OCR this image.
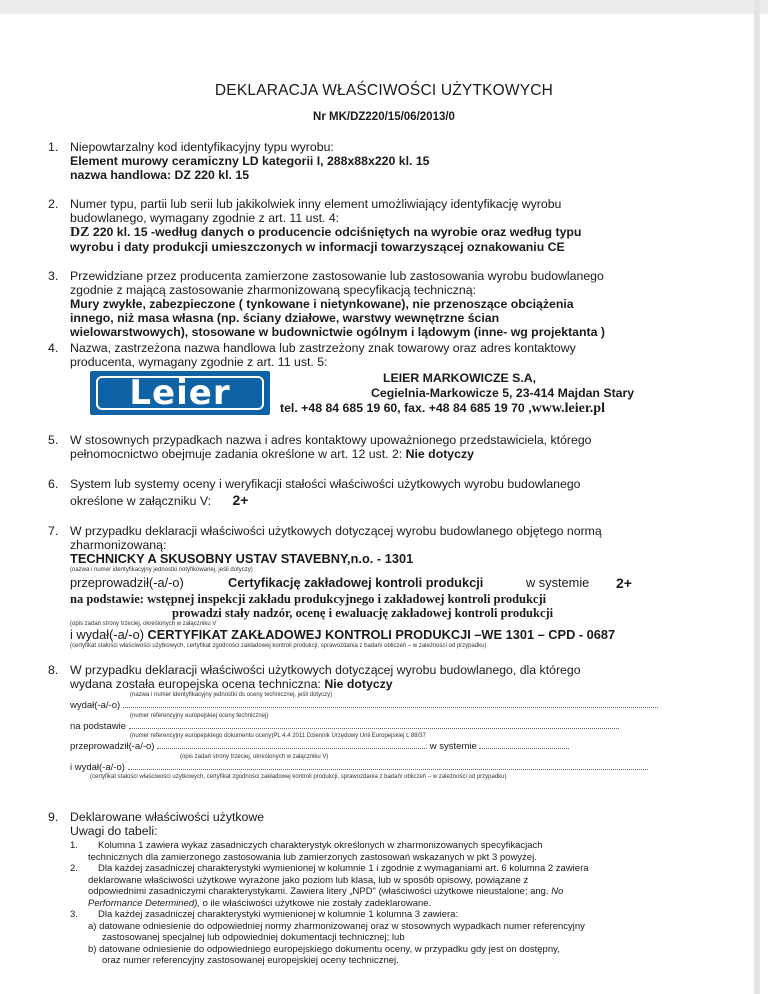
DEKLARACJA WŁAŚCIWOŚCI UŻYTKOWYCH
Nr MK/DZ220/15/06/2013/0
1. Niepowtarzalny kod identyfikacyjny typu wyrobu:
Element murowy ceramiczny LD kategorii I, 288x88x220 kl. 15
nazwa handlowa: DZ 220 kl. 15
2. Numer typu, partii lub serii lub jakikolwiek inny element umożliwiający identyfikację wyrobu
budowlanego, wymagany zgodnie z art. 11 ust. 4:
DZ 220 kl. 15 -według danych o producencie odciśniętych na wyrobie oraz według typu
wyrobu i daty produkcji umieszczonych w informacji towarzyszącej oznakowaniu CE
3. Przewidziane przez producenta zamierzone zastosowanie lub zastosowania wyrobu budowlanego
zgodnie z mającą zastosowanie zharmonizowaną specyfikacją techniczną:
Mury zwykłe, zabezpieczone ( tynkowane i nietynkowane), nie przenoszące obciążenia
innego, niż masa własna (np. ściany działowe, warstwy wewnętrzne ścian
wielowarstwowych), stosowane w budownictwie ogólnym i lądowym (inne- wg projektanta )
4. Nazwa, zastrzeżona nazwa handlowa lub zastrzeżony znak towarowy oraz adres kontaktowy
producenta, wymagany zgodnie z art. 11 ust. 5:
Leier	LEIER MARKOWICZE S.A,
Cegielnia-Markowicze 5, 23-414 Majdan Stary
tel. +48 84 685 19 60, fax. +48 84 685 19 70 ,www.leier.pl
5. W stosownych przypadkach nazwa i adres kontaktowy upoważnionego przedstawiciela, którego
pełnomocnictwo obejmuje zadania określone w art. 12 ust. 2: Nie dotyczy
6. System lub systemy oceny i weryfikacji stałości właściwości użytkowych wyrobu budowlanego
określone w załączniku V: 2+
7. W przypadku deklaracji właściwości użytkowych dotyczącej wyrobu budowlanego objętego normą
zharmonizowaną:
TECHNICKY A SKUSOBNY USTAV STAVEBNY,n.o. - 1301
(nazwa i numer identyfikacyjny jednostki notyfikowanej, jeśli dotyczy)
przeprowadził(-a/-o)	Certyfikację zakładowej kontroli produkcji	w systemie 2+
na podstawie: wstępnej inspekcji zakładu produkcyjnego i zakładowej kontroli produkcji
prowadzi stały nadzór, ocenę i ewaluację zakładowej kontroli produkcji
(opis zadań strony trzeciej, określonych w załączniku V
i wydał(-a/-o) CERTYFIKAT ZAKŁADOWEJ KONTROLI PRODUKCJI –WE 1301 – CPD - 0687
(certyfikat stałości właściwości użytkowych, certyfikat zgodności zakładowej kontroli produkcji, sprawozdania z badań/ obliczeń – w zależności od przypadku)
8. W przypadku deklaracji właściwości użytkowych dotyczącej wyrobu budowlanego, dla którego
wydana została europejska ocena techniczna: Nie dotyczy
(nazwa i numer identyfikacyjny jednostki ds oceny technicznej, jeśli dotyczy)
wydał(-a/-o)
(numer referencyjny europejskiej oceny technicznej)
na podstawie
(numer referencyjny europejskiego dokumentu oceny)PL 4.4 2011 Dziennik Urzędowy Unii Europejskiej L 88/37
przeprowadził(-a/-o)	w systemie
(opis zadań strony trzeciej, określonych w załączniku V)
i wydał(-a/-o)
(certyfikat stałości właściwości użytkowych, certyfikat zgodności zakładowej kontroli produkcji, sprawozdania z badań/ obliczeń – w zależności od przypadku)
9. Deklarowane właściwości użytkowe
Uwagi do tabeli:
1.	Kolumna 1 zawiera wykaz zasadniczych charakterystyk określonych w zharmonizowanych specyfikacjach
technicznych dla zamierzonego zastosowania lub zamierzonych zastosowań wskazanych w pkt 3 powyżej.
2.	Dla każdej zasadniczej charakterystyki wymienionej w kolumnie 1 i zgodnie z wymaganiami art. 6 kolumna 2 zawiera
deklarowane właściwości użytkowe wyrażone jako poziom lub klasa, lub w sposób opisowy, powiązane z
odpowiednimi zasadniczymi charakterystykami. Zawiera litery „NPD" (właściwości użytkowe nieustalone; ang. No
Performance Determined), o ile właściwości użytkowe nie zostały zadeklarowane.
3.	Dla każdej zasadniczej charakterystyki wymienionej w kolumnie 1 kolumna 3 zawiera:
a) datowane odniesienie do odpowiedniej normy zharmonizowanej oraz w stosownych wypadkach numer referencyjny
zastosowanej specjalnej lub odpowiedniej dokumentacji technicznej; lub
b) datowane odniesienie do odpowiedniego europejskiego dokumentu oceny, w przypadku gdy jest on dostępny,
oraz numer referencyjny zastosowanej europejskiej oceny technicznej.
